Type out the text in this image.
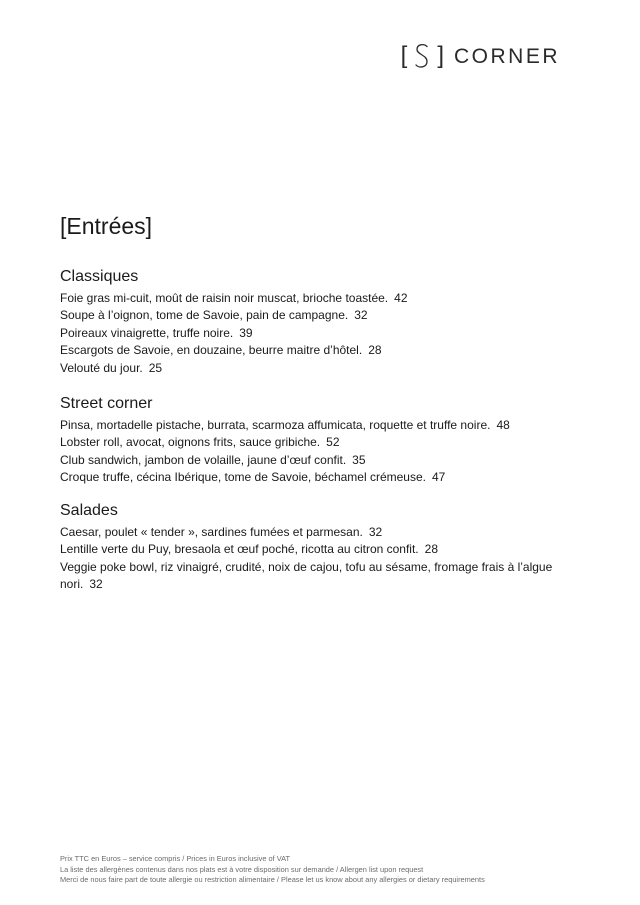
[ ] CORNER
[Entrées]
Classiques

Foie gras mi-cuit, moût de raisin noir muscat, brioche toastée. 42

Soupe à l’oignon, tome de Savoie, pain de campagne. 32

Poireaux vinaigrette, truffe noire. 39

Escargots de Savoie, en douzaine, beurre maitre d’hôtel. 28

Velouté du jour. 25

Street corner

Pinsa, mortadelle pistache, burrata, scarmoza affumicata, roquette et truffe noire. 48

Lobster roll, avocat, oignons frits, sauce gribiche. 52

Club sandwich, jambon de volaille, jaune d’œuf confit. 35

Croque truffe, cécina Ibérique, tome de Savoie, béchamel crémeuse. 47

Salades

Caesar, poulet « tender », sardines fumées et parmesan. 32

Lentille verte du Puy, bresaola et œuf poché, ricotta au citron confit. 28

Veggie poke bowl, riz vinaigré, crudité, noix de cajou, tofu au sésame, fromage frais à l’algue nori. 32

Prix TTC en Euros – service compris / Prices in Euros inclusive of VAT
La liste des allergènes contenus dans nos plats est à votre disposition sur demande / Allergen list upon request
Merci de nous faire part de toute allergie ou restriction alimentaire / Please let us know about any allergies or dietary requirements
